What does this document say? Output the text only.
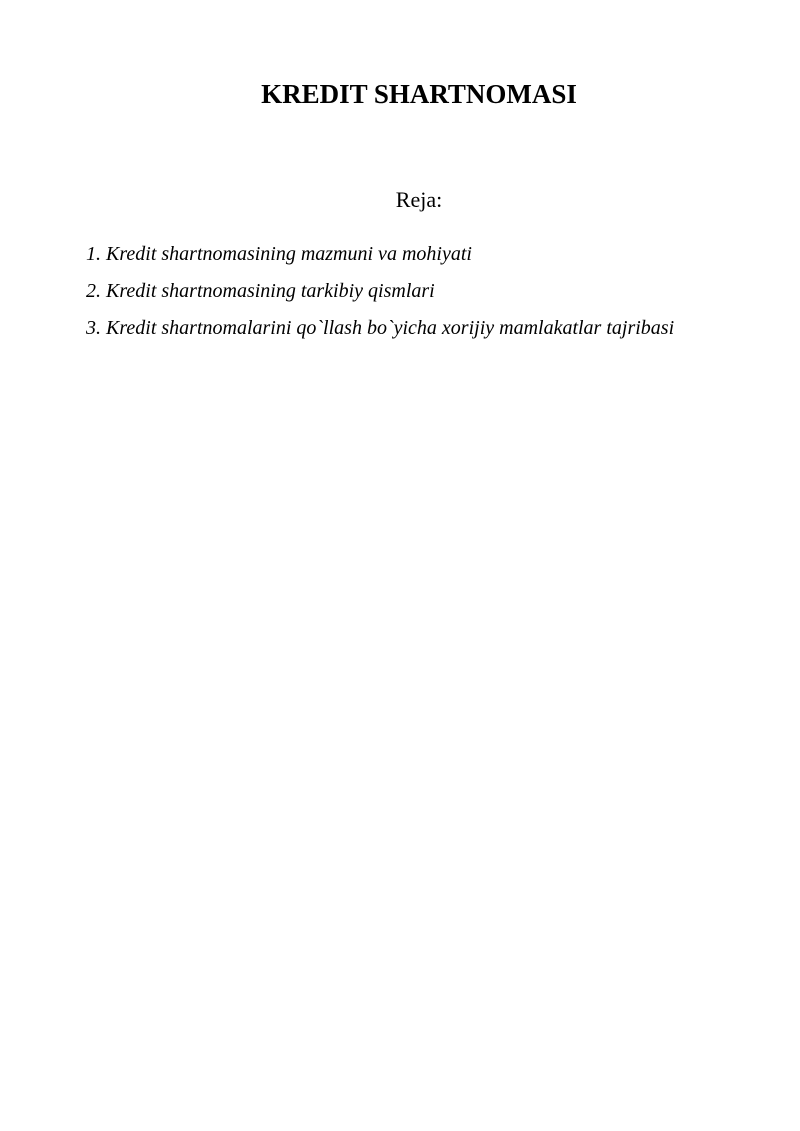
KREDIT SHARTNOMASI
Reja:
1. Kredit shartnomasining mazmuni va mohiyati
2. Kredit shartnomasining tarkibiy qismlari
3. Kredit shartnomalarini qo`llash bo`yicha xorijiy mamlakatlar tajribasi
